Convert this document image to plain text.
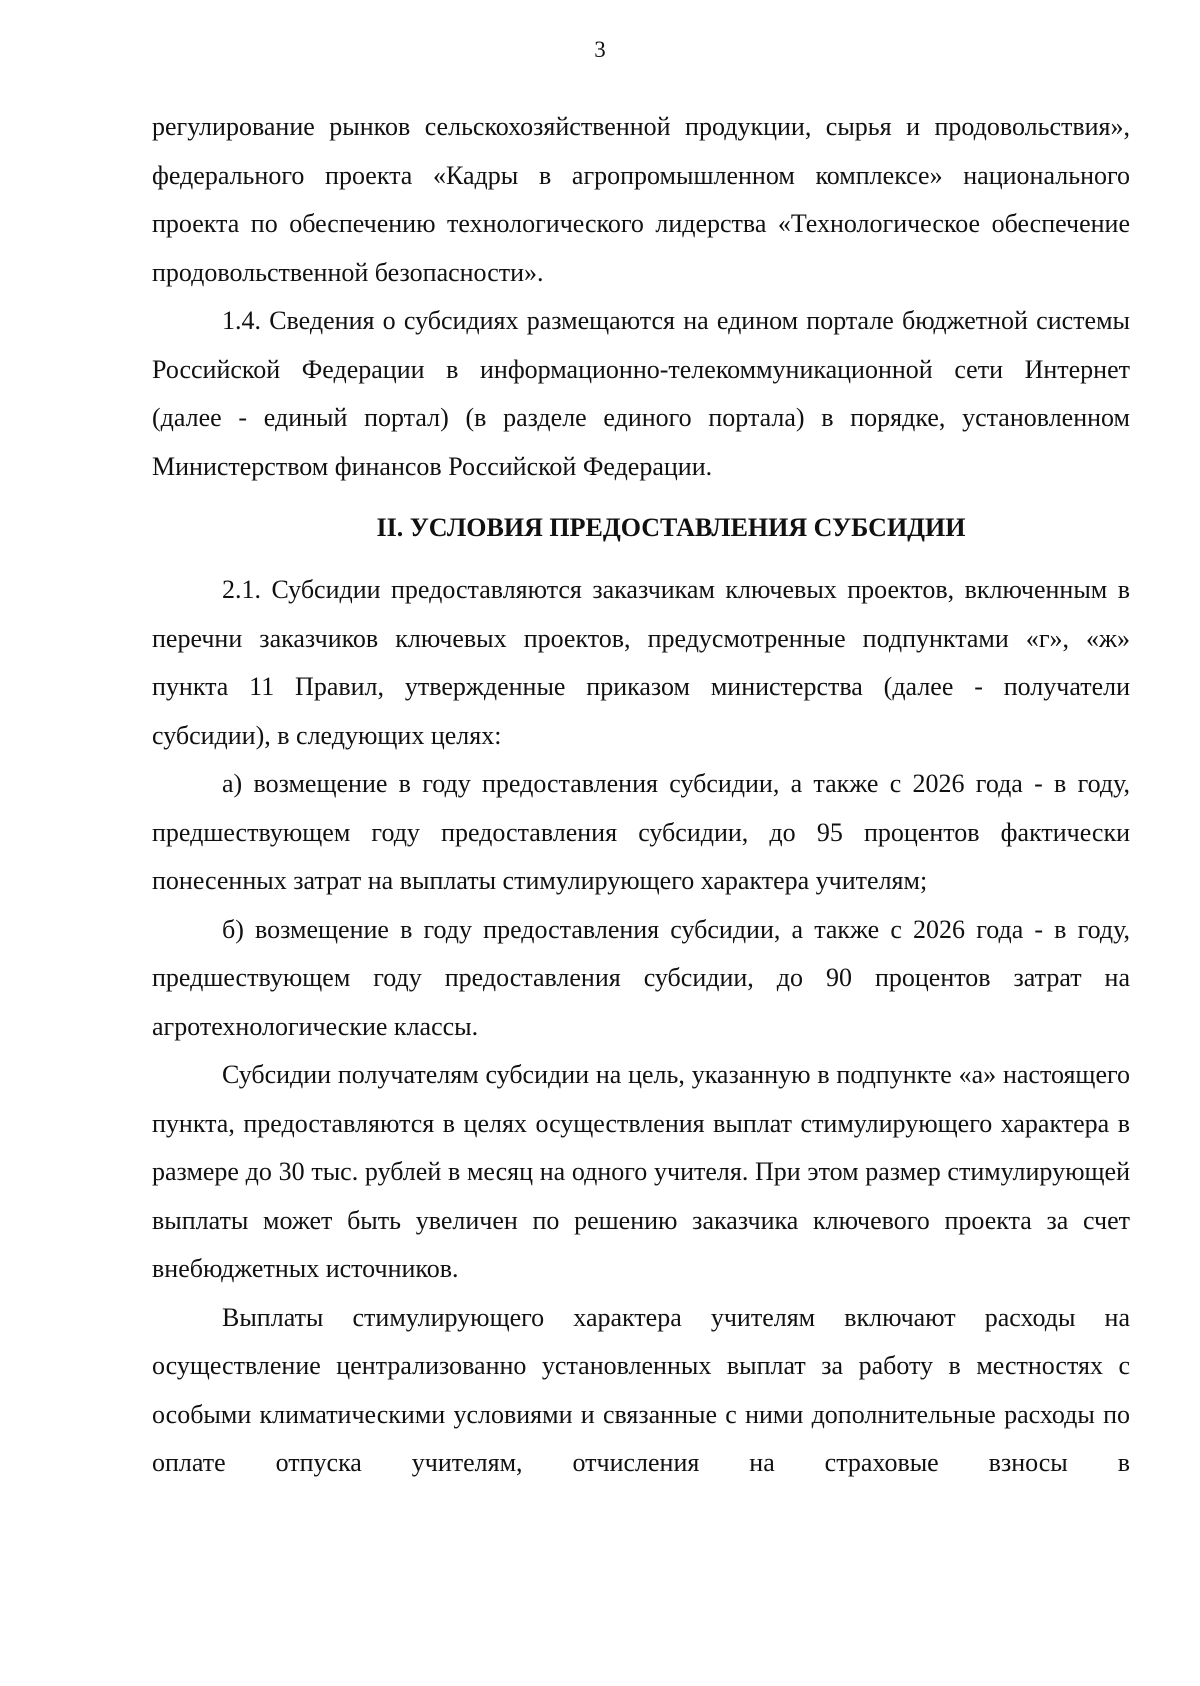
3

регулирование рынков сельскохозяйственной продукции, сырья и продовольствия», федерального проекта «Кадры в агропромышленном комплексе» национального проекта по обеспечению технологического лидерства «Технологическое обеспечение продовольственной безопасности».

1.4. Сведения о субсидиях размещаются на едином портале бюджетной системы Российской Федерации в информационно-телекоммуникационной сети Интернет (далее - единый портал) (в разделе единого портала) в порядке, установленном Министерством финансов Российской Федерации.

II. УСЛОВИЯ ПРЕДОСТАВЛЕНИЯ СУБСИДИИ

2.1. Субсидии предоставляются заказчикам ключевых проектов, включенным в перечни заказчиков ключевых проектов, предусмотренные подпунктами «г», «ж» пункта 11 Правил, утвержденные приказом министерства (далее - получатели субсидии), в следующих целях:

а) возмещение в году предоставления субсидии, а также с 2026 года - в году, предшествующем году предоставления субсидии, до 95 процентов фактически понесенных затрат на выплаты стимулирующего характера учителям;

б) возмещение в году предоставления субсидии, а также с 2026 года - в году, предшествующем году предоставления субсидии, до 90 процентов затрат на агротехнологические классы.

Субсидии получателям субсидии на цель, указанную в подпункте «а» настоящего пункта, предоставляются в целях осуществления выплат стимулирующего характера в размере до 30 тыс. рублей в месяц на одного учителя. При этом размер стимулирующей выплаты может быть увеличен по решению заказчика ключевого проекта за счет внебюджетных источников.

Выплаты стимулирующего характера учителям включают расходы на осуществление централизованно установленных выплат за работу в местностях с особыми климатическими условиями и связанные с ними дополнительные расходы по оплате отпуска учителям, отчисления на страховые взносы в
